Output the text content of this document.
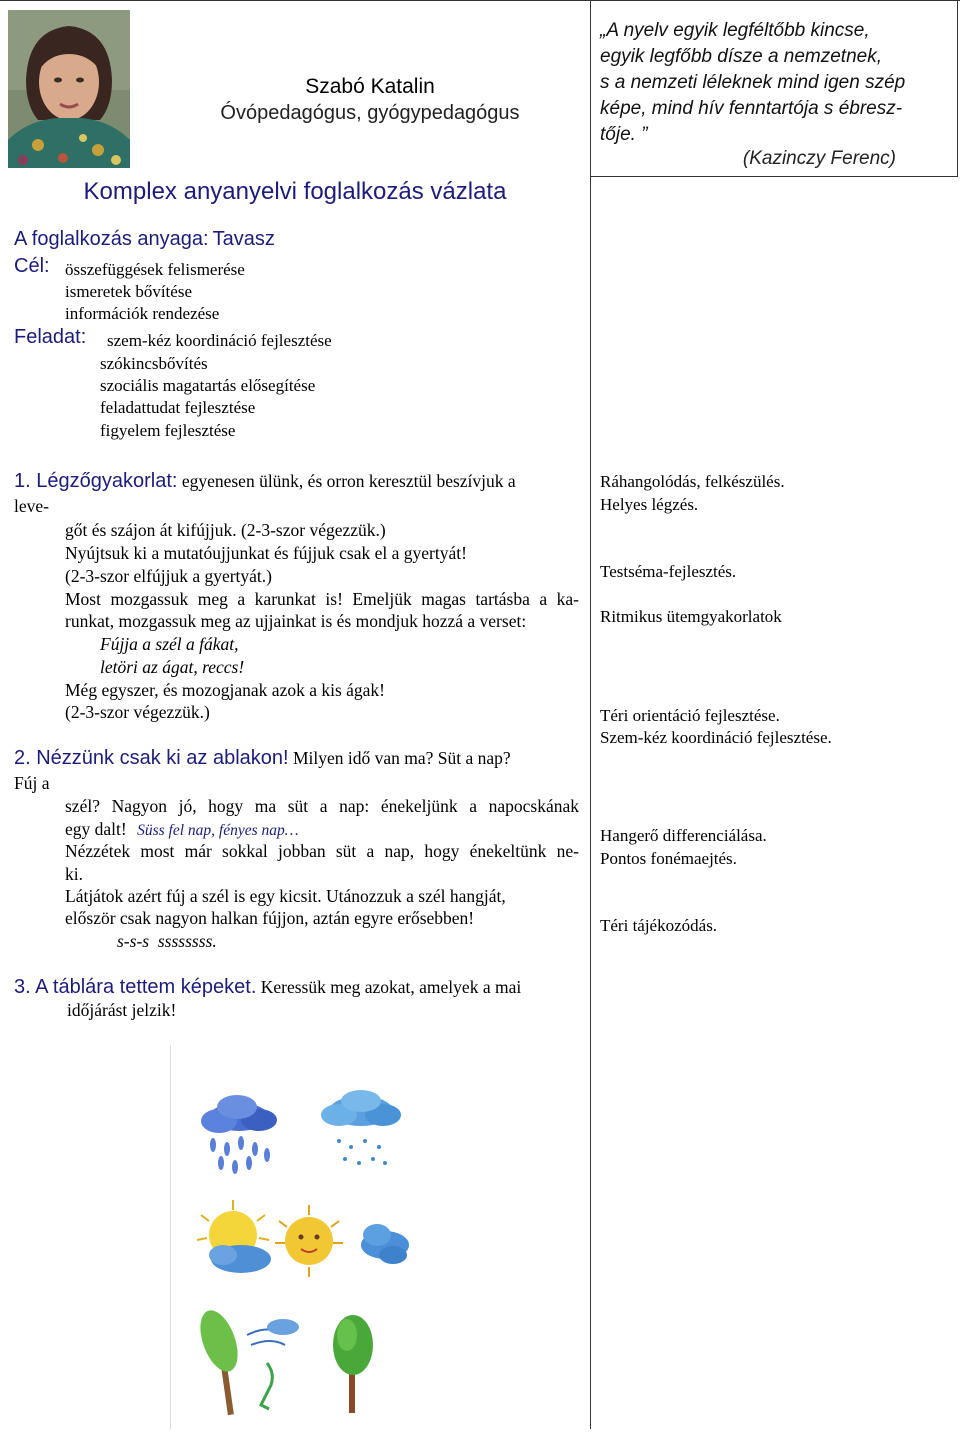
Szabó Katalin
Óvópedagógus, gyógypedagógus
Komplex anyanyelvi foglalkozás vázlata
„A nyelv egyik legféltőbb kincse,
egyik legfőbb dísze a nemzetnek,
s a nemzeti léleknek mind igen szép
képe, mind hív fenntartója s ébresz-
tője. ”
(Kazinczy Ferenc)
A foglalkozás anyaga: Tavasz
Cél: összefüggések felismerése
ismeretek bővítése
információk rendezése
Feladat: szem-kéz koordináció fejlesztése
szókincsbővítés
szociális magatartás elősegítése
feladattudat fejlesztése
figyelem fejlesztése
1. Légzőgyakorlat: egyenesen ülünk, és orron keresztül beszívjuk a
leve-
gőt és szájon át kifújjuk. (2-3-szor végezzük.)
Nyújtsuk ki a mutatóujjunkat és fújjuk csak el a gyertyát!
(2-3-szor elfújjuk a gyertyát.)
Most mozgassuk meg a karunkat is! Emeljük magas tartásba a ka-
runkat, mozgassuk meg az ujjainkat is és mondjuk hozzá a verset:
Fújja a szél a fákat,
letöri az ágat, reccs!
Még egyszer, és mozogjanak azok a kis ágak!
(2-3-szor végezzük.)
2. Nézzünk csak ki az ablakon! Milyen idő van ma? Süt a nap?
Fúj a
szél? Nagyon jó, hogy ma süt a nap: énekeljünk a napocskának
egy dalt! Süss fel nap, fényes nap…
Nézzétek most már sokkal jobban süt a nap, hogy énekeltünk ne-
ki.
Látjátok azért fúj a szél is egy kicsit. Utánozzuk a szél hangját,
először csak nagyon halkan fújjon, aztán egyre erősebben!
s-s-s  ssssssss.
3. A táblára tettem képeket. Keressük meg azokat, amelyek a mai
időjárást jelzik!
Ráhangolódás, felkészülés.
Helyes légzés.
Testséma-fejlesztés.
Ritmikus ütemgyakorlatok
Téri orientáció fejlesztése.
Szem-kéz koordináció fejlesztése.
Hangerő differenciálása.
Pontos fonémaejtés.
Téri tájékozódás.
